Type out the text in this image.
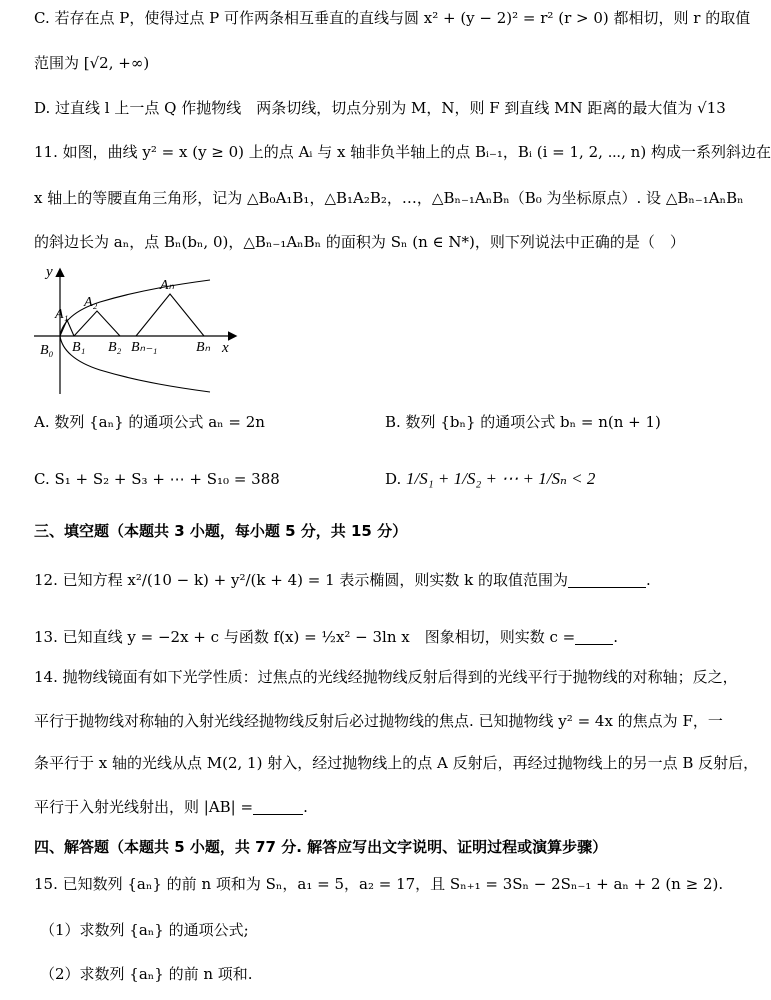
C. 若存在点 P，使得过点 P 可作两条相互垂直的直线与圆 x² + (y − 2)² = r² (r > 0) 都相切，则 r 的取值
范围为 [√2, +∞)
D. 过直线 l 上一点 Q 作抛物线　两条切线，切点分别为 M，N，则 F 到直线 MN 距离的最大值为 √13
11. 如图，曲线 y² = x (y ≥ 0) 上的点 Aᵢ 与 x 轴非负半轴上的点 Bᵢ₋₁，Bᵢ (i = 1, 2, ⋯, n) 构成一系列斜边在
x 轴上的等腰直角三角形，记为 △B₀A₁B₁，△B₁A₂B₂，…，△Bₙ₋₁AₙBₙ（B₀ 为坐标原点）. 设 △Bₙ₋₁AₙBₙ
的斜边长为 aₙ，点 Bₙ(bₙ, 0)，△Bₙ₋₁AₙBₙ 的面积为 Sₙ (n ∈ N*)，则下列说法中正确的是（　）
y
x
A₁
A₂
Aₙ
B₀ B₁ B₂ Bₙ₋₁	Bₙ
A. 数列 {aₙ} 的通项公式 aₙ = 2n	B. 数列 {bₙ} 的通项公式 bₙ = n(n + 1)
C. S₁ + S₂ + S₃ + ⋯ + S₁₀ = 388	D. 1/S₁ + 1/S₂ + ⋯ + 1/Sₙ < 2
三、填空题（本题共 3 小题，每小题 5 分，共 15 分）
12. 已知方程 x²/(10 − k) + y²/(k + 4) = 1 表示椭圆，则实数 k 的取值范围为	.
13. 已知直线 y = −2x + c 与函数 f(x) = ½x² − 3ln x　图象相切，则实数 c =	.
14. 抛物线镜面有如下光学性质：过焦点的光线经抛物线反射后得到的光线平行于抛物线的对称轴；反之，
平行于抛物线对称轴的入射光线经抛物线反射后必过抛物线的焦点. 已知抛物线 y² = 4x 的焦点为 F，一
条平行于 x 轴的光线从点 M(2, 1) 射入，经过抛物线上的点 A 反射后，再经过抛物线上的另一点 B 反射后，
平行于入射光线射出，则 |AB| =	.
四、解答题（本题共 5 小题，共 77 分. 解答应写出文字说明、证明过程或演算步骤）
15. 已知数列 {aₙ} 的前 n 项和为 Sₙ，a₁ = 5，a₂ = 17，且 Sₙ₊₁ = 3Sₙ − 2Sₙ₋₁ + aₙ + 2 (n ≥ 2).
（1）求数列 {aₙ} 的通项公式;
（2）求数列 {aₙ} 的前 n 项和.
